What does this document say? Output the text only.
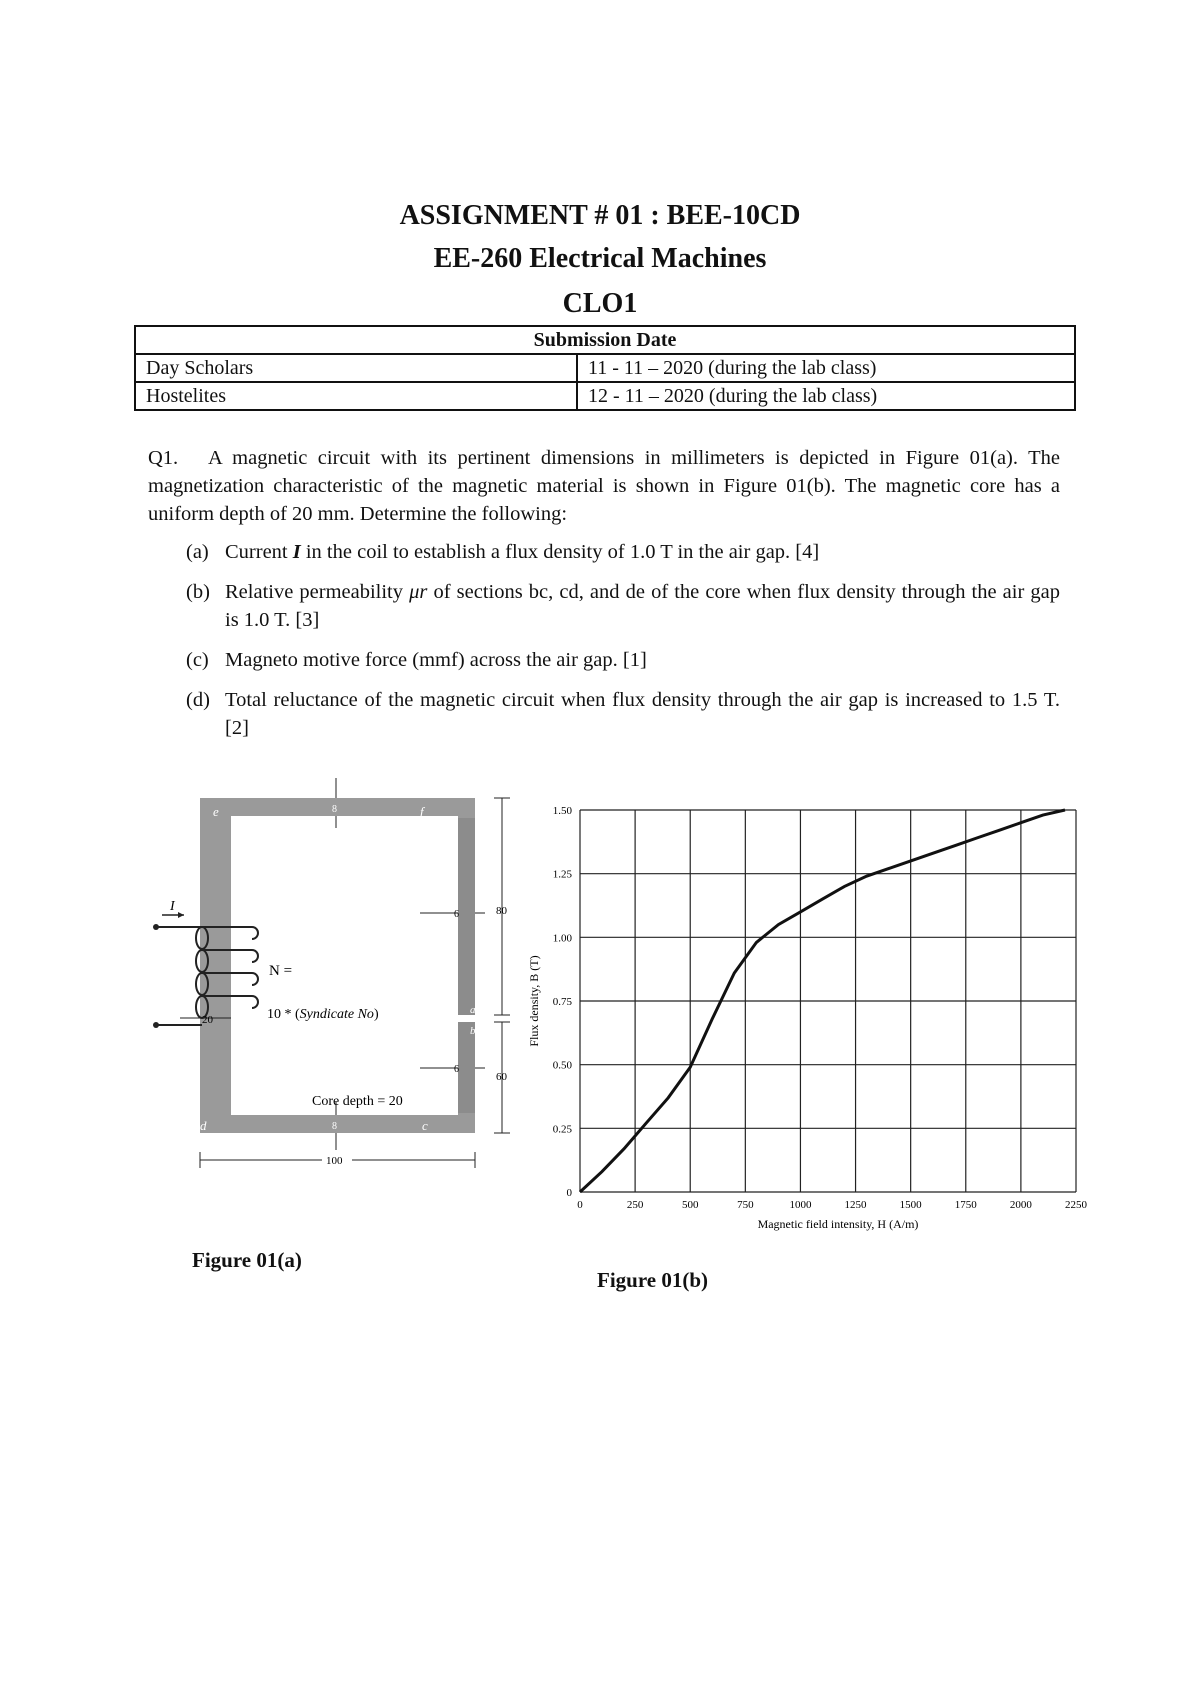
ASSIGNMENT # 01 : BEE-10CD
EE-260 Electrical Machines
CLO1
Submission Date	
Day Scholars	11 - 11 – 2020 (during the lab class)
Hostelites	12 - 11 – 2020 (during the lab class)
Q1. A magnetic circuit with its pertinent dimensions in millimeters is depicted in Figure 01(a). The magnetization characteristic of the magnetic material is shown in Figure 01(b). The magnetic core has a uniform depth of 20 mm. Determine the following:
(a) Current I in the coil to establish a flux density of 1.0 T in the air gap. [4]
(b) Relative permeability μr of sections bc, cd, and de of the core when flux density through the air gap is 1.0 T. [3]
(c) Magneto motive force (mmf) across the air gap. [1]
(d) Total reluctance of the magnetic circuit when flux density through the air gap is increased to 1.5 T. [2]
I
N =
10 * (Syndicate No)
Core depth = 20
e	f
d	c
a
b
8
8
6
6
20
80
60
100
Figure 01(a)
0
0.25
0.50
0.75
1.00
1.25
1.50
0	250	500	750	1000	1250	1500	1750	2000	2250
Flux density, B (T)
Magnetic field intensity, H (A/m)
Figure 01(b)
